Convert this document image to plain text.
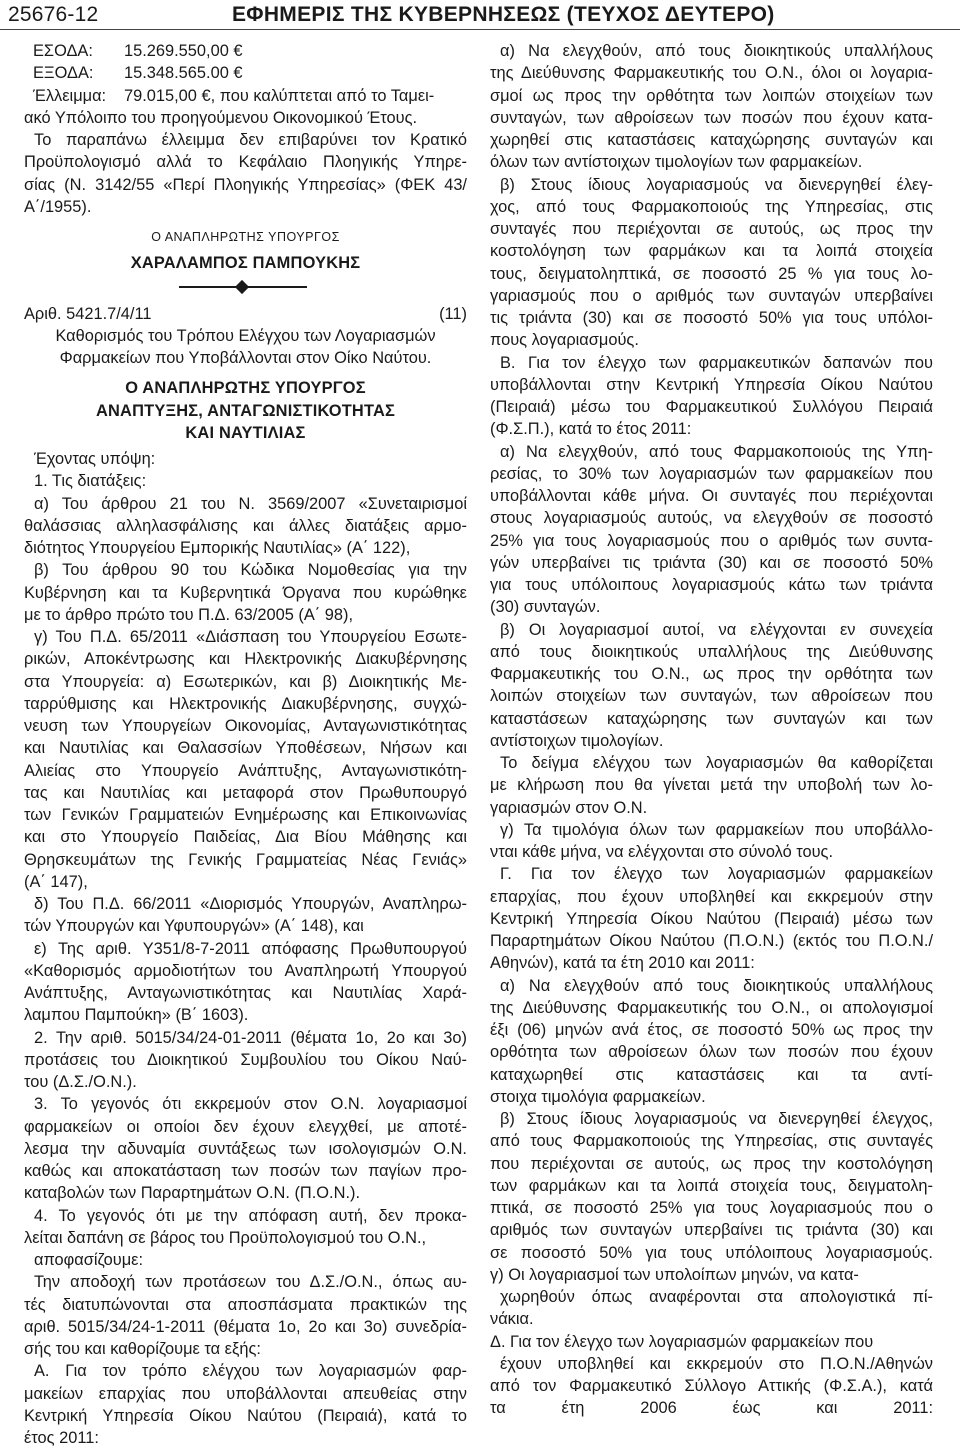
25676-12	ΕΦΗΜΕΡΙΣ ΤΗΣ ΚΥΒΕΡΝΗΣΕΩΣ (ΤΕΥΧΟΣ ΔΕΥΤΕΡΟ)
ΕΣΟΔΑ:	15.269.550,00 €
ΕΞΟΔΑ:	15.348.565.00 €
Έλλειμμα:	79.015,00 €, που καλύπτεται από το Ταμει-
ακό Υπόλοιπο του προηγούμενου Οικονομικού Έτους.
Το παραπάνω έλλειμμα δεν επιβαρύνει τον Κρατικό
Προϋπολογισμό αλλά το Κεφάλαιο Πλοηγικής Υπηρε-
σίας (Ν. 3142/55 «Περί Πλοηγικής Υπηρεσίας» (ΦΕΚ 43/
Α΄/1955).
Ο ΑΝΑΠΛΗΡΩΤΗΣ ΥΠΟΥΡΓΟΣ
ΧΑΡΑΛΑΜΠΟΣ ΠΑΜΠΟΥΚΗΣ
Αριθ. 5421.7/4/11	(11)
Καθορισμός του Τρόπου Ελέγχου των Λογαριασμών
Φαρμακείων που Υποβάλλονται στον Οίκο Ναύτου.
Ο ΑΝΑΠΛΗΡΩΤΗΣ ΥΠΟΥΡΓΟΣ
ΑΝΑΠΤΥΞΗΣ, ΑΝΤΑΓΩΝΙΣΤΙΚΟΤΗΤΑΣ
ΚΑΙ ΝΑΥΤΙΛΙΑΣ
Έχοντας υπόψη:
1. Τις διατάξεις:
α) Του άρθρου 21 του Ν. 3569/2007 «Συνεταιρισμοί
θαλάσσιας αλληλασφάλισης και άλλες διατάξεις αρμο-
διότητος Υπουργείου Εμπορικής Ναυτιλίας» (Α΄ 122),
β) Του άρθρου 90 του Κώδικα Νομοθεσίας για την
Κυβέρνηση και τα Κυβερνητικά Όργανα που κυρώθηκε
με το άρθρο πρώτο του Π.Δ. 63/2005 (Α΄ 98),
γ) Του Π.Δ. 65/2011 «Διάσπαση του Υπουργείου Εσωτε-
ρικών, Αποκέντρωσης και Ηλεκτρονικής Διακυβέρνησης
στα Υπουργεία: α) Εσωτερικών, και β) Διοικητικής Με-
ταρρύθμισης και Ηλεκτρονικής Διακυβέρνησης, συγχώ-
νευση των Υπουργείων Οικονομίας, Ανταγωνιστικότητας
και Ναυτιλίας και Θαλασσίων Υποθέσεων, Νήσων και
Αλιείας στο Υπουργείο Ανάπτυξης, Ανταγωνιστικότη-
τας και Ναυτιλίας και μεταφορά στον Πρωθυπουργό
των Γενικών Γραμματειών Ενημέρωσης και Επικοινωνίας
και στο Υπουργείο Παιδείας, Δια Βίου Μάθησης και
Θρησκευμάτων της Γενικής Γραμματείας Νέας Γενιάς»
(Α΄ 147),
δ) Του Π.Δ. 66/2011 «Διορισμός Υπουργών, Αναπληρω-
τών Υπουργών και Υφυπουργών» (Α΄ 148), και
ε) Της αριθ. Υ351/8-7-2011 απόφασης Πρωθυπουργού
«Καθορισμός αρμοδιοτήτων του Αναπληρωτή Υπουργού
Ανάπτυξης, Ανταγωνιστικότητας και Ναυτιλίας Χαρά-
λαμπου Παμπούκη» (Β΄ 1603).
2. Την αριθ. 5015/34/24-01-2011 (θέματα 1ο, 2ο και 3ο)
προτάσεις του Διοικητικού Συμβουλίου του Οίκου Ναύ-
του (Δ.Σ./Ο.Ν.).
3. Το γεγονός ότι εκκρεμούν στον Ο.Ν. λογαριασμοί
φαρμακείων οι οποίοι δεν έχουν ελεγχθεί, με αποτέ-
λεσμα την αδυναμία συντάξεως των ισολογισμών Ο.Ν.
καθώς και αποκατάσταση των ποσών των παγίων προ-
καταβολών των Παραρτημάτων Ο.Ν. (Π.Ο.Ν.).
4. Το γεγονός ότι με την απόφαση αυτή, δεν προκα-
λείται δαπάνη σε βάρος του Προϋπολογισμού του Ο.Ν.,
αποφασίζουμε:
Την αποδοχή των προτάσεων του Δ.Σ./Ο.Ν., όπως αυ-
τές διατυπώνονται στα αποσπάσματα πρακτικών της
αριθ. 5015/34/24-1-2011 (θέματα 1ο, 2ο και 3ο) συνεδρία-
σής του και καθορίζουμε τα εξής:
Α. Για τον τρόπο ελέγχου των λογαριασμών φαρ-
μακείων επαρχίας που υποβάλλονται απευθείας στην
Κεντρική Υπηρεσία Οίκου Ναύτου (Πειραιά), κατά το
έτος 2011:
α) Να ελεγχθούν, από τους διοικητικούς υπαλλήλους
της Διεύθυνσης Φαρμακευτικής του Ο.Ν., όλοι οι λογαρια-
σμοί ως προς την ορθότητα των λοιπών στοιχείων των
συνταγών, των αθροίσεων των ποσών που έχουν κατα-
χωρηθεί στις καταστάσεις καταχώρησης συνταγών και
όλων των αντίστοιχων τιμολογίων των φαρμακείων.
β) Στους ίδιους λογαριασμούς να διενεργηθεί έλεγ-
χος, από τους Φαρμακοποιούς της Υπηρεσίας, στις
συνταγές που περιέχονται σε αυτούς, ως προς την
κοστολόγηση των φαρμάκων και τα λοιπά στοιχεία
τους, δειγματοληπτικά, σε ποσοστό 25 % για τους λο-
γαριασμούς που ο αριθμός των συνταγών υπερβαίνει
τις τριάντα (30) και σε ποσοστό 50% για τους υπόλοι-
πους λογαριασμούς.
Β. Για τον έλεγχο των φαρμακευτικών δαπανών που
υποβάλλονται στην Κεντρική Υπηρεσία Οίκου Ναύτου
(Πειραιά) μέσω του Φαρμακευτικού Συλλόγου Πειραιά
(Φ.Σ.Π.), κατά το έτος 2011:
α) Να ελεγχθούν, από τους Φαρμακοποιούς της Υπη-
ρεσίας, το 30% των λογαριασμών των φαρμακείων που
υποβάλλονται κάθε μήνα. Οι συνταγές που περιέχονται
στους λογαριασμούς αυτούς, να ελεγχθούν σε ποσοστό
25% για τους λογαριασμούς που ο αριθμός των συντα-
γών υπερβαίνει τις τριάντα (30) και σε ποσοστό 50%
για τους υπόλοιπους λογαριασμούς κάτω των τριάντα
(30) συνταγών.
β) Οι λογαριασμοί αυτοί, να ελέγχονται εν συνεχεία
από τους διοικητικούς υπαλλήλους της Διεύθυνσης
Φαρμακευτικής του Ο.Ν., ως προς την ορθότητα των
λοιπών στοιχείων των συνταγών, των αθροίσεων που
καταστάσεων καταχώρησης των συνταγών και των
αντίστοιχων τιμολογίων.
Το δείγμα ελέγχου των λογαριασμών θα καθορίζεται
με κλήρωση που θα γίνεται μετά την υποβολή των λο-
γαριασμών στον Ο.Ν.
γ) Τα τιμολόγια όλων των φαρμακείων που υποβάλλο-
νται κάθε μήνα, να ελέγχονται στο σύνολό τους.
Γ. Για τον έλεγχο των λογαριασμών φαρμακείων
επαρχίας, που έχουν υποβληθεί και εκκρεμούν στην
Κεντρική Υπηρεσία Οίκου Ναύτου (Πειραιά) μέσω των
Παραρτημάτων Οίκου Ναύτου (Π.Ο.Ν.) (εκτός του Π.Ο.Ν./
Αθηνών), κατά τα έτη 2010 και 2011:
α) Να ελεγχθούν από τους διοικητικούς υπαλλήλους
της Διεύθυνσης Φαρμακευτικής του Ο.Ν., οι απολογισμοί
έξι (06) μηνών ανά έτος, σε ποσοστό 50% ως προς την
ορθότητα των αθροίσεων όλων των ποσών που έχουν
καταχωρηθεί στις καταστάσεις και τα αντί-
στοιχα τιμολόγια φαρμακείων.
β) Στους ίδιους λογαριασμούς να διενεργηθεί έλεγχος,
από τους Φαρμακοποιούς της Υπηρεσίας, στις συνταγές
που περιέχονται σε αυτούς, ως προς την κοστολόγηση
των φαρμάκων και τα λοιπά στοιχεία τους, δειγματολη-
πτικά, σε ποσοστό 25% για τους λογαριασμούς που ο
αριθμός των συνταγών υπερβαίνει τις τριάντα (30) και
σε ποσοστό 50% για τους υπόλοιπους λογαριασμούς.
γ) Οι λογαριασμοί των υπολοίπων μηνών, να κατα-
χωρηθούν όπως αναφέρονται στα απολογιστικά πί-
νάκια.
Δ. Για τον έλεγχο των λογαριασμών φαρμακείων που
έχουν υποβληθεί και εκκρεμούν στο Π.Ο.Ν./Αθηνών
από τον Φαρμακευτικό Σύλλογο Αττικής (Φ.Σ.Α.), κατά
τα έτη 2006 έως και 2011:
